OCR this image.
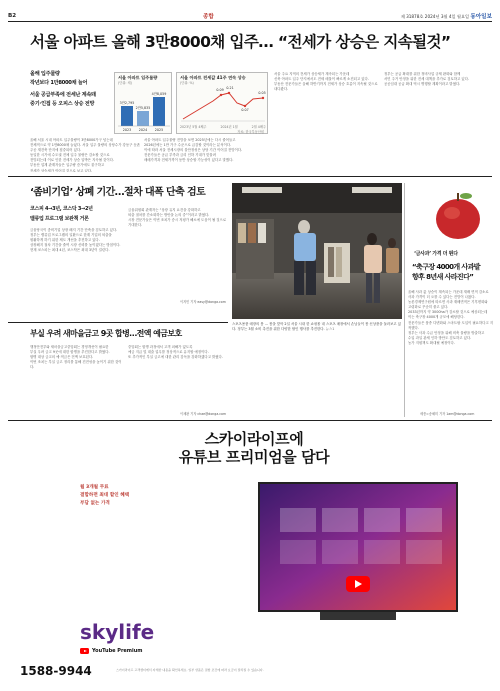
B2	종합	제 31878호 2024년 3월 4일 월요일 동아일보
서울 아파트 올해 3만8000채 입주… “전세가 상승은 지속될것”
올해 입주물량
작년보다 1만8000채 늘어
서울 공급부족에 전세난 계속돼
중기·인접 등 오피스 상승 전망
서울 아파트 입주물량
(단위: 채)
3만2,795
2만5,835
4만8,059
2023	2024	2025
서울 아파트 전세값 41주 연속 상승
(단위: %)
0.09 0.21
0.07
0.05
2023년 5월 4째주	2024년 1월	2월 4째주
자료: 한국부동산원
올해 서울 시내 아파트 입주물량이 3만8000가구 넘는데
전체적으로 약 1만8000채 늘었다. 서울 입주 물량의 상당수가 강동구 둔촌주공 재건축 단지에 집중되어 있다.
동일한 시기에 수도권 전체 입주 물량은 감소할 것으로
전망되는데 이로 인한 전세가 상승 압박은 지속될 것이다.
부동산 업계 관계자들은 입주량 증가에도 불구하고
전세가 상승세가 이어질 것으로 보고 있다.
서울 아파트 입주물량 전망을 보면 2025년에는 다시 줄어들고
2026년에는 1만 가구 수준으로 급감할 것이라는 분석이다.
이에 따라 서울 전세시장의 불안정성은 상당 기간 이어질 전망이다.
전문가들은 공급 부족과 금리 인하 기대가 맞물려
매매가격과 전세가격이 동반 상승할 가능성이 있다고 말했다.
서울 주요 지역의 전세가 상승세가 계속되는 가운데
신축 아파트 입주 단지에서도 전세 매물이 빠르게 소진되고 있다.
부동산 전문가들은 올해 하반기까지 전세가 상승 흐름이 지속될 것으로 내다봤다.
정부는 공급 확대를 위한 정비사업 규제 완화와 함께
서민 주거 안정을 위한 전세 대책을 추가로 검토하고 있다.
공공임대 공급 확대 역시 병행할 계획이라고 밝혔다.
‘좀비기업’ 상폐 기간…절차 대폭 단축 검토
코스피 4→3년, 코스닥 3→2년
밸류업 프로그램 보완책 거론
금융당국이 좀비기업 상장 폐지 기간 단축을 검토하고 있다.
정부는 밸류업 프로그램의 일환으로 한계 기업의 퇴출을
원활하게 하기 위한 제도 개선을 추진하고 있다.
상장폐지 절차 기간을 줄여 시장 신뢰를 높이겠다는 방침이다.
현재 코스피는 최대 4년, 코스닥은 최대 3년이 걸린다.
금융위원회 관계자는 “상장 유지 요건을 강화하고
퇴출 절차를 간소화하는 방안을 논의 중”이라고 밝혔다.
시장 전문가들은 이번 조치가 증시 저평가 해소에 도움이 될 것으로 기대한다.
이지민 기자 easy@donga.com
스포츠용품 매장의 봄 … 봄을 맞아 2일 서울 시내 한 쇼핑몰 내 스포츠 매장에서 손님들이 봄 신상품을 둘러보고 있다. 정부는 3월 소비 촉진을 위한 다양한 할인 행사를 추진한다. 뉴스1
‘금사과’ 가격 더 뛴다
“축구장 4000개 사과밭
향후 8년새 사라진다”
올해 사과 값 상승이 계속되는 가운데 재배 면적 감소로
사과 가격이 더 오를 수 있다는 전망이 나왔다.
농촌경제연구원에 따르면 사과 재배면적은 기후변화와
고령화로 꾸준히 줄고 있다.
2033년까지 약 3000ha가 감소할 것으로 예상되는데
이는 축구장 4000개 규모에 해당한다.
전문가들은 품종 다변화와 스마트팜 도입이 필요하다고 지적했다.
정부는 사과 수급 안정을 위해 비축 물량을 방출하고
수입 과일 관세 인하 방안도 검토하고 있다.
농가 지원책도 확대될 예정이다.
세종=송혜미 기자 1am@donga.com
부실 우려 새마을금고 9곳 합병…전액 예금보호
행정안전부와 새마을금고중앙회는 경영개선이 필요한
부실 우려 금고 9곳에 대한 합병을 추진한다고 밝혔다.
합병 대상 금고의 예·적금은 전액 보호된다.
이번 조치는 부실 금고 정리를 통해 건전성을 높이기 위한 것이다.
중앙회는 합병 과정에서 고객 피해가 없도록
예금 지급 및 대출 업무를 정상적으로 유지할 예정이다.
또 추가적인 부실 금고에 대한 관리 감독을 강화하겠다고 밝혔다.
이채완 기자 chae@donga.com
스카이라이프에
유튜브 프리미엄을 담다
월 3개월 무료
결합하면 최대 할인 혜택
부담 없는 가격
skylife
YouTube Premium
1588-9944	스카이라이프 고객센터에서 자세한 내용을 확인하세요. 일부 상품은 결합 조건에 따라 요금이 달라질 수 있습니다.
